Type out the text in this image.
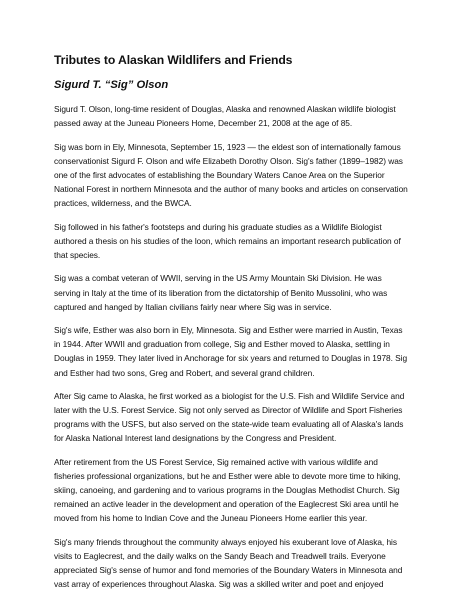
Tributes to Alaskan Wildlifers and Friends
Sigurd T. “Sig” Olson

Sigurd T. Olson, long-time resident of Douglas, Alaska and renowned Alaskan wildlife biologist passed away at the Juneau Pioneers Home, December 21, 2008 at the age of 85.

Sig was born in Ely, Minnesota, September 15, 1923 — the eldest son of internationally famous conservationist Sigurd F. Olson and wife Elizabeth Dorothy Olson. Sig's father (1899–1982) was one of the first advocates of establishing the Boundary Waters Canoe Area on the Superior National Forest in northern Minnesota and the author of many books and articles on conservation practices, wilderness, and the BWCA.

Sig followed in his father's footsteps and during his graduate studies as a Wildlife Biologist authored a thesis on his studies of the loon, which remains an important research publication of that species.

Sig was a combat veteran of WWII, serving in the US Army Mountain Ski Division. He was serving in Italy at the time of its liberation from the dictatorship of Benito Mussolini, who was captured and hanged by Italian civilians fairly near where Sig was in service.

Sig's wife, Esther was also born in Ely, Minnesota. Sig and Esther were married in Austin, Texas in 1944. After WWII and graduation from college, Sig and Esther moved to Alaska, settling in Douglas in 1959. They later lived in Anchorage for six years and returned to Douglas in 1978. Sig and Esther had two sons, Greg and Robert, and several grand children.

After Sig came to Alaska, he first worked as a biologist for the U.S. Fish and Wildlife Service and later with the U.S. Forest Service. Sig not only served as Director of Wildlife and Sport Fisheries programs with the USFS, but also served on the state-wide team evaluating all of Alaska's lands for Alaska National Interest land designations by the Congress and President.

After retirement from the US Forest Service, Sig remained active with various wildlife and fisheries professional organizations, but he and Esther were able to devote more time to hiking, skiing, canoeing, and gardening and to various programs in the Douglas Methodist Church. Sig remained an active leader in the development and operation of the Eaglecrest Ski area until he moved from his home to Indian Cove and the Juneau Pioneers Home earlier this year.

Sig's many friends throughout the community always enjoyed his exuberant love of Alaska, his visits to Eaglecrest, and the daily walks on the Sandy Beach and Treadwell trails. Everyone appreciated Sig's sense of humor and fond memories of the Boundary Waters in Minnesota and vast array of experiences throughout Alaska. Sig was a skilled writer and poet and enjoyed
